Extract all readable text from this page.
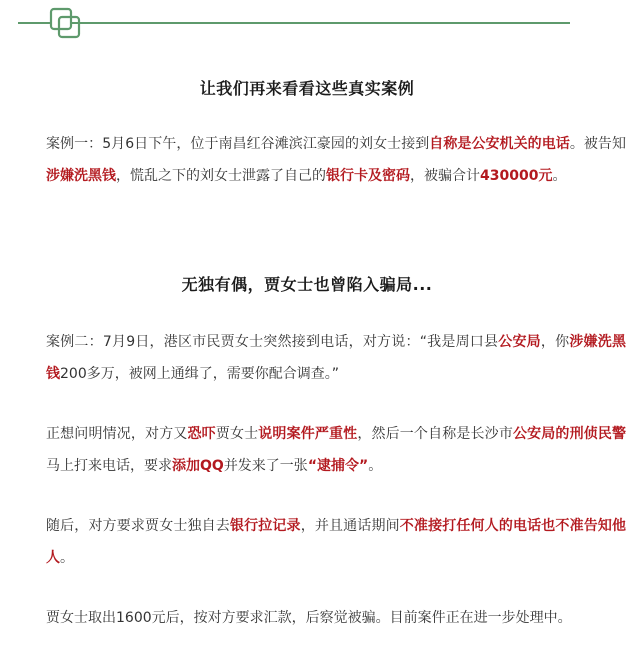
让我们再来看看这些真实案例

案例一：5月6日下午，位于南昌红谷滩滨江豪园的刘女士接到自称是公安机关的电话。被告知涉嫌洗黑钱，慌乱之下的刘女士泄露了自己的银行卡及密码，被骗合计430000元。

无独有偶，贾女士也曾陷入骗局...

案例二：7月9日，港区市民贾女士突然接到电话，对方说：“我是周口县公安局，你涉嫌洗黑钱200多万，被网上通缉了，需要你配合调查。”

正想问明情况，对方又恐吓贾女士说明案件严重性，然后一个自称是长沙市公安局的刑侦民警马上打来电话，要求添加QQ并发来了一张“逮捕令”。

随后，对方要求贾女士独自去银行拉记录，并且通话期间不准接打任何人的电话也不准告知他人。

贾女士取出1600元后，按对方要求汇款，后察觉被骗。目前案件正在进一步处理中。
